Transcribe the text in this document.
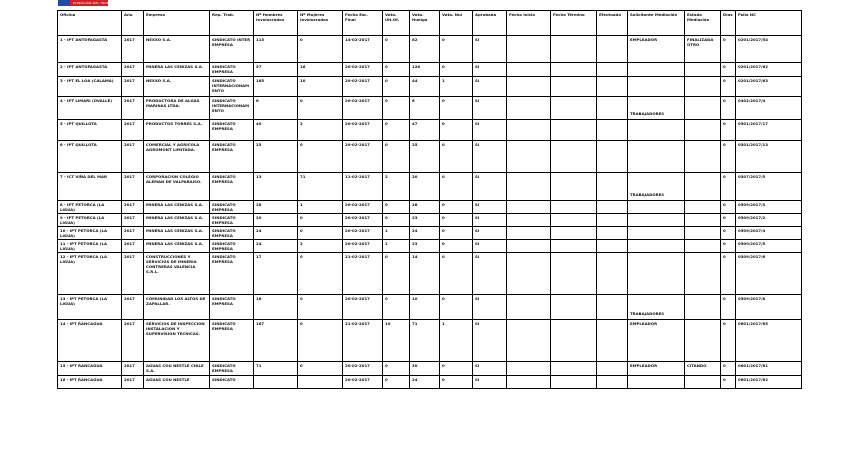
DIRECCIÓN DEL TRABAJO
Oficina	Año	Empresa	Rep. Trab.	Nº Hombres Involucrados	Nº Mujeres Involucradas	Fecha Esc. Final	Vota. Ult.Of.	Vota. Huelga	Vota. Nul	Aprobada	Fecha Inicio	Fecha Término	Efectuada	Solicitante Mediación	Estado Mediación	Días	Folio NC
1 - IPT ANTOFAGASTA	2017	NEXXO S.A.	SINDICATO INTER EMPRESA	113	0	14-02-2017	0	82	0	SI				EMPLEADOR	FINALIZADA OTRO	0	0201/2017/54
2 - IPT ANTOFAGASTA	2017	MINERA LAS CENIZAS S.A.	SINDICATO EMPRESA	57	16	20-02-2017	0	126	0	SI						0	0201/2017/62
3 - IPT EL LOA (CALAMA)	2017	NEXXO S.A.	SINDICATO INTERNACIONAMENTO	165	10	20-02-2017	0	44	1	SI						0	0201/2017/63
4 - IPT LIMARI (OVALLE)	2017	PRODUCTORA DE ALGAS MARINAS LTDA.	SINDICATO INTERNACIONAMENTO	6	0	20-02-2017	0	6	0	SI				TRABAJADORES		0	0402/2017/4
5 - IPT QUILLOTA	2017	PRODUCTOS TORRES S.A.	SINDICATO EMPRESA	40	2	20-02-2017	0	47	0	SI						0	0501/2017/17
6 - IPT QUILLOTA	2017	COMERCIAL Y AGRICOLA AGROMONT LIMITADA.	SINDICATO EMPRESA	25	0	20-02-2017	0	25	0	SI						0	0501/2017/13
7 - ICT VIÑA DEL MAR	2017	CORPORACION COLEGIO ALEMAN DE VALPARAISO.	SINDICATO EMPRESA	13	71	11-02-2017	2	20	0	SI				TRABAJADORES		0	0507/2017/5
8 - IPT PETORCA (LA LIGUA)	2017	MINERA LAS CENIZAS S.A.	SINDICATO EMPRESA	28	1	20-02-2017	0	28	0	SI						0	0509/2017/3
9 - IPT PETORCA (LA LIGUA)	2017	MINERA LAS CENIZAS S.A.	SINDICATO EMPRESA	20	0	20-02-2017	0	23	0	SI						0	0509/2017/2
10 - IPT PETORCA (LA LIGUA)	2017	MINERA LAS CENIZAS S.A.	SINDICATO EMPRESA	24	0	20-02-2017	1	24	0	SI						0	0509/2017/4
11 - IPT PETORCA (LA LIGUA)	2017	MINERA LAS CENIZAS S.A.	SINDICATO EMPRESA	24	2	20-02-2017	1	23	0	SI						0	0509/2017/5
12 - IPT PETORCA (LA LIGUA)	2017	CONSTRUCCIONES Y SERVICIOS DE MINERIA CONTRERAS VALENCIA S.R.L.	SINDICATO EMPRESA	17	0	21-02-2017	0	14	0	SI						0	0509/2017/6
13 - IPT PETORCA (LA LIGUA)	2017	COMUNIDAD LOS ALTOS DE ZAPALLAR.	SINDICATO EMPRESA	18	0	20-02-2017	0	10	0	SI				TRABAJADORES		0	0509/2017/8
14 - IPT RANCAGUA	2017	SERVICIOS DE INSPECCION INSTALACION Y SUPERVISION TECNICAS.	SINDICATO EMPRESA	167	0	21-02-2017	10	71	1	SI				EMPLEADOR		0	0601/2017/85
15 - IPT RANCAGUA	2017	AGUAS COU NESTLE CHILE S.A.	SINDICATO EMPRESA	71	0	20-02-2017	0	30	0	SI				EMPLEADOR	CITANDO	0	0601/2017/81
16 - IPT RANCAGUA	2017	AGUAS COU NESTLE	SINDICATO			20-02-2017	0	24	0	SI						0	0601/2017/82
